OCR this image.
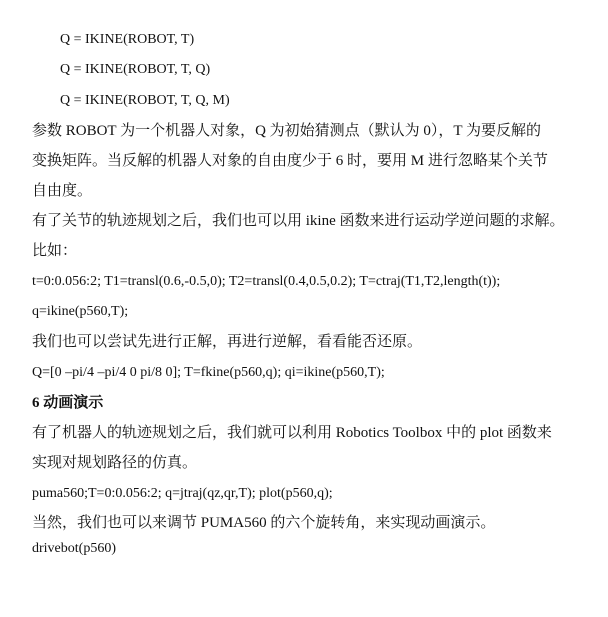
Q = IKINE(ROBOT, T)
Q = IKINE(ROBOT, T, Q)
Q = IKINE(ROBOT, T, Q, M)
参数 ROBOT 为一个机器人对象，Q 为初始猜测点（默认为 0），T 为要反解的
变换矩阵。当反解的机器人对象的自由度少于 6 时，要用 M 进行忽略某个关节
自由度。
有了关节的轨迹规划之后，我们也可以用 ikine 函数来进行运动学逆问题的求解。
比如：
t=0:0.056:2; T1=transl(0.6,-0.5,0); T2=transl(0.4,0.5,0.2); T=ctraj(T1,T2,length(t));
q=ikine(p560,T);
我们也可以尝试先进行正解，再进行逆解，看看能否还原。
Q=[0 –pi/4 –pi/4 0 pi/8 0]; T=fkine(p560,q); qi=ikine(p560,T);
6 动画演示
有了机器人的轨迹规划之后，我们就可以利用 Robotics Toolbox 中的 plot 函数来
实现对规划路径的仿真。
puma560;T=0:0.056:2; q=jtraj(qz,qr,T); plot(p560,q);
当然，我们也可以来调节 PUMA560 的六个旋转角，来实现动画演示。
drivebot(p560)
